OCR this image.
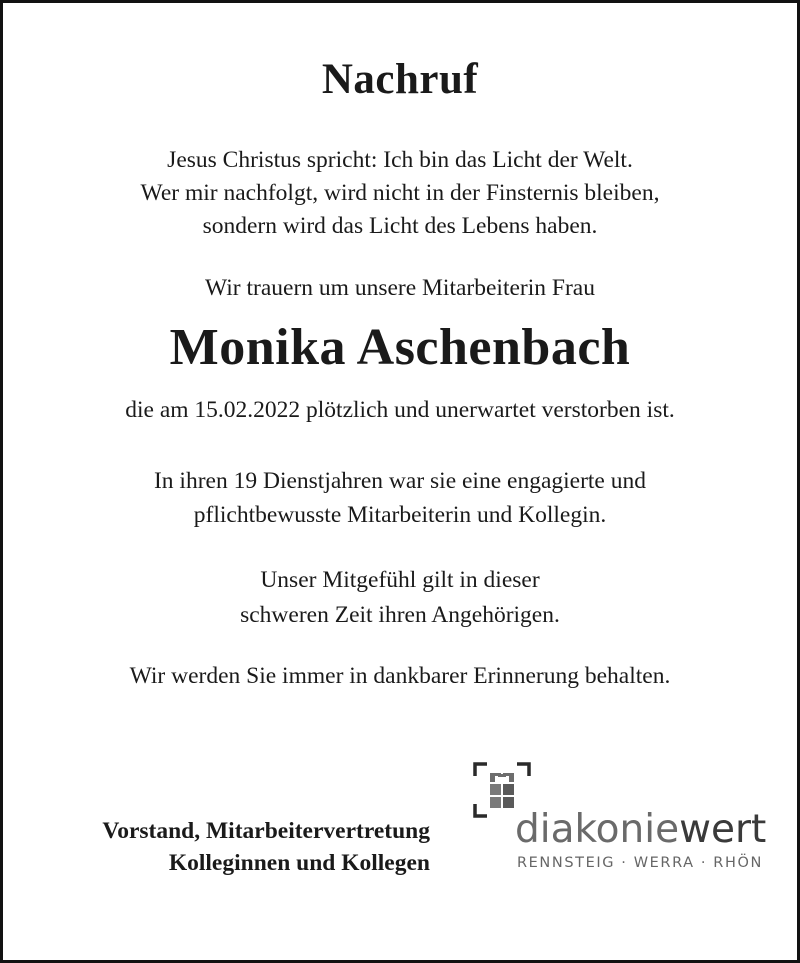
Nachruf
Jesus Christus spricht: Ich bin das Licht der Welt.
Wer mir nachfolgt, wird nicht in der Finsternis bleiben,
sondern wird das Licht des Lebens haben.
Wir trauern um unsere Mitarbeiterin Frau
Monika Aschenbach
die am 15.02.2022 plötzlich und unerwartet verstorben ist.
In ihren 19 Dienstjahren war sie eine engagierte und
pflichtbewusste Mitarbeiterin und Kollegin.
Unser Mitgefühl gilt in dieser
schweren Zeit ihren Angehörigen.
Wir werden Sie immer in dankbarer Erinnerung behalten.
Vorstand, Mitarbeitervertretung
Kolleginnen und Kollegen
diakoniewert
RENNSTEIG · WERRA · RHÖN
